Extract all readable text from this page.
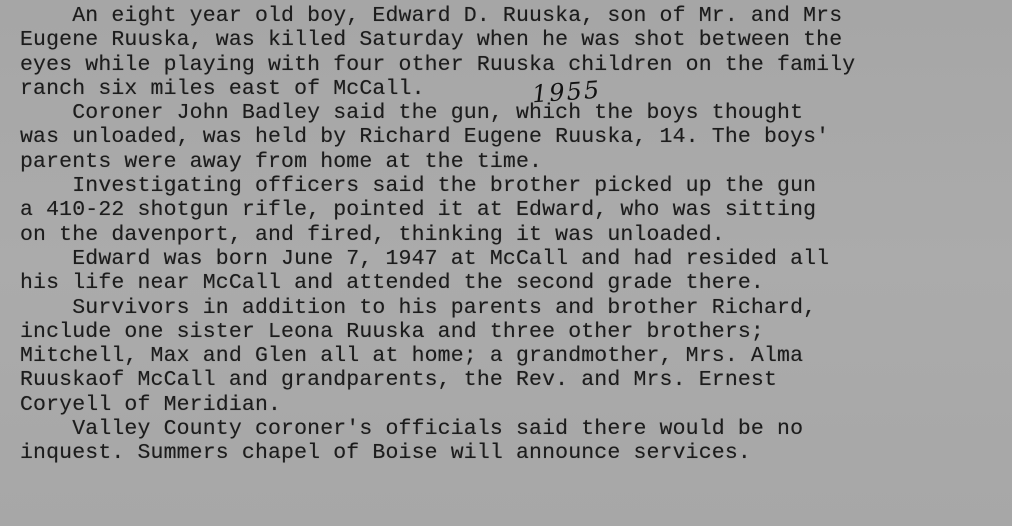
An eight year old boy, Edward D. Ruuska, son of Mr. and Mrs
Eugene Ruuska, was killed Saturday when he was shot between the
eyes while playing with four other Ruuska children on the family
ranch six miles east of McCall.
Coroner John Badley said the gun, which the boys thought
was unloaded, was held by Richard Eugene Ruuska, 14. The boys'
parents were away from home at the time.
Investigating officers said the brother picked up the gun
a 410-22 shotgun rifle, pointed it at Edward, who was sitting
on the davenport, and fired, thinking it was unloaded.
Edward was born June 7, 1947 at McCall and had resided all
his life near McCall and attended the second grade there.
Survivors in addition to his parents and brother Richard,
include one sister Leona Ruuska and three other brothers;
Mitchell, Max and Glen all at home; a grandmother, Mrs. Alma
Ruuskaof McCall and grandparents, the Rev. and Mrs. Ernest
Coryell of Meridian.
Valley County coroner's officials said there would be no
inquest. Summers chapel of Boise will announce services.
1955
